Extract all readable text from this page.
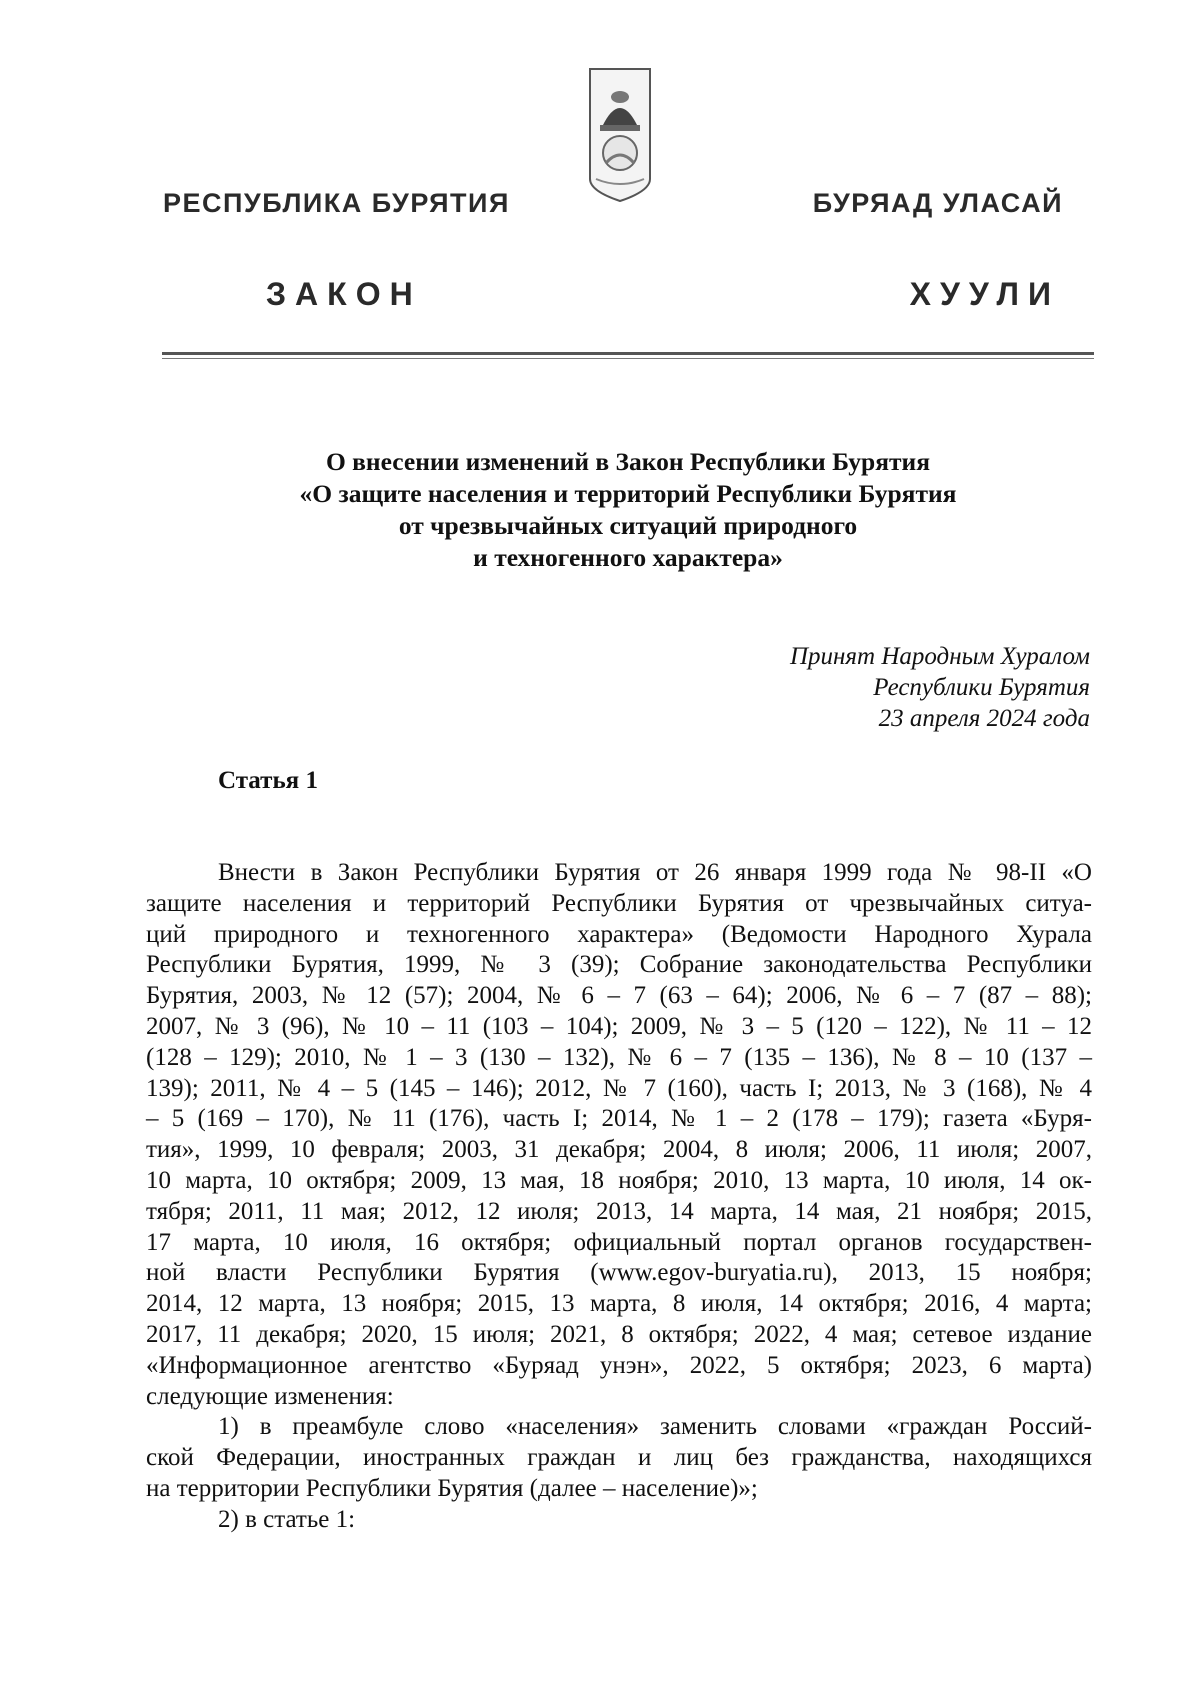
РЕСПУБЛИКА БУРЯТИЯ	БУРЯАД УЛАСАЙ
ЗАКОН	ХУУЛИ
О внесении изменений в Закон Республики Бурятия
«О защите населения и территорий Республики Бурятия
от чрезвычайных ситуаций природного
и техногенного характера»
Принят Народным Хуралом
Республики Бурятия
23 апреля 2024 года
Статья 1
Внести в Закон Республики Бурятия от 26 января 1999 года № 98-II «О
защите населения и территорий Республики Бурятия от чрезвычайных ситуа-
ций природного и техногенного характера» (Ведомости Народного Хурала
Республики Бурятия, 1999, № 3 (39); Собрание законодательства Республики
Бурятия, 2003, № 12 (57); 2004, № 6 – 7 (63 – 64); 2006, № 6 – 7 (87 – 88);
2007, № 3 (96), № 10 – 11 (103 – 104); 2009, № 3 – 5 (120 – 122), № 11 – 12
(128 – 129); 2010, № 1 – 3 (130 – 132), № 6 – 7 (135 – 136), № 8 – 10 (137 –
139); 2011, № 4 – 5 (145 – 146); 2012, № 7 (160), часть I; 2013, № 3 (168), № 4
– 5 (169 – 170), № 11 (176), часть I; 2014, № 1 – 2 (178 – 179); газета «Буря-
тия», 1999, 10 февраля; 2003, 31 декабря; 2004, 8 июля; 2006, 11 июля; 2007,
10 марта, 10 октября; 2009, 13 мая, 18 ноября; 2010, 13 марта, 10 июля, 14 ок-
тября; 2011, 11 мая; 2012, 12 июля; 2013, 14 марта, 14 мая, 21 ноября; 2015,
17 марта, 10 июля, 16 октября; официальный портал органов государствен-
ной власти Республики Бурятия (www.egov-buryatia.ru), 2013, 15 ноября;
2014, 12 марта, 13 ноября; 2015, 13 марта, 8 июля, 14 октября; 2016, 4 марта;
2017, 11 декабря; 2020, 15 июля; 2021, 8 октября; 2022, 4 мая; сетевое издание
«Информационное агентство «Буряад унэн», 2022, 5 октября; 2023, 6 марта)
следующие изменения:
1) в преамбуле слово «населения» заменить словами «граждан Россий-
ской Федерации, иностранных граждан и лиц без гражданства, находящихся
на территории Республики Бурятия (далее – население)»;
2) в статье 1:
